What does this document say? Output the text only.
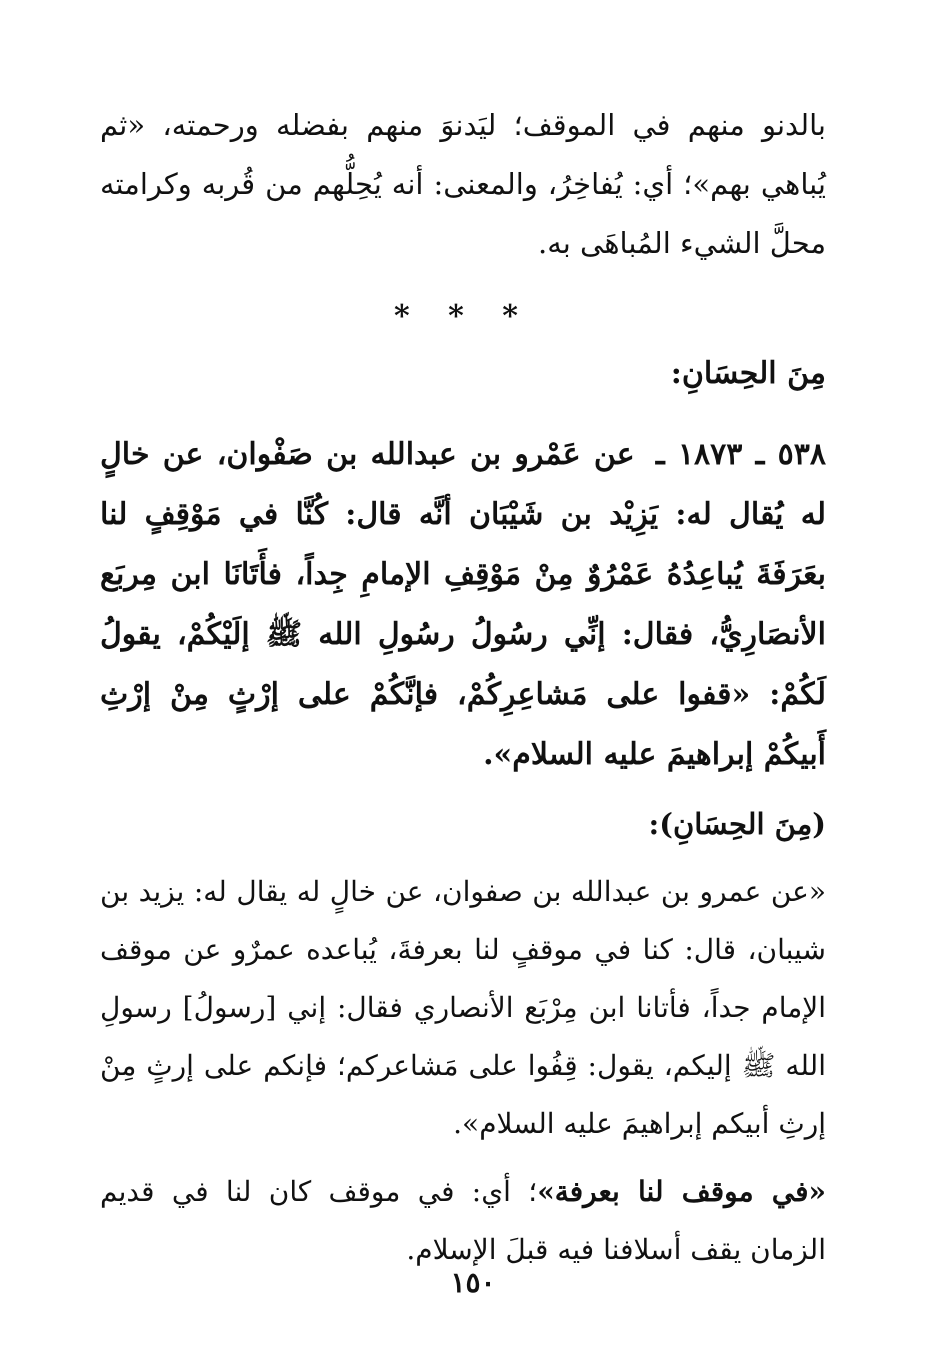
بالدنو منهم في الموقف؛ ليَدنوَ منهم بفضله ورحمته، «ثم يُباهي بهم»؛ أي: يُفاخِرُ، والمعنى: أنه يُحِلُّهم من قُربه وكرامته محلَّ الشيء المُباهَى به.

* * *
مِنَ الحِسَانِ:

٥٣٨ ـ ١٨٧٣ ـ عن عَمْرو بن عبدالله بن صَفْوان، عن خالٍ له يُقال له: يَزِيْد بن شَيْبَان أنَّه قال: كُنَّا في مَوْقِفٍ لنا بعَرَفَةَ يُباعِدُهُ عَمْرُوٌ مِنْ مَوْقِفِ الإمامِ جِداً، فأَتَانَا ابن مِربَع الأنصَارِيُّ، فقال: إنِّي رسُولُ رسُولِ الله ﷺ إلَيْكُمْ، يقولُ لَكُمْ: «قفوا على مَشاعِرِكُمْ، فإنَّكُمْ على إرْثٍ مِنْ إرْثِ أَبيكُمْ إبراهيمَ عليه السلام».

(مِنَ الحِسَانِ):

«عن عمرو بن عبدالله بن صفوان، عن خالٍ له يقال له: يزيد بن شيبان، قال: كنا في موقفٍ لنا بعرفةَ، يُباعده عمرٌو عن موقف الإمام جداً، فأتانا ابن مِرْبَع الأنصاري فقال: إني [رسولُ] رسولِ الله ﷺ إليكم، يقول: قِفُوا على مَشاعركم؛ فإنكم على إرثٍ مِنْ إرثِ أبيكم إبراهيمَ عليه السلام».

«في موقف لنا بعرفة»؛ أي: في موقف كان لنا في قديم الزمان يقف أسلافنا فيه قبلَ الإسلام.

١٥٠
